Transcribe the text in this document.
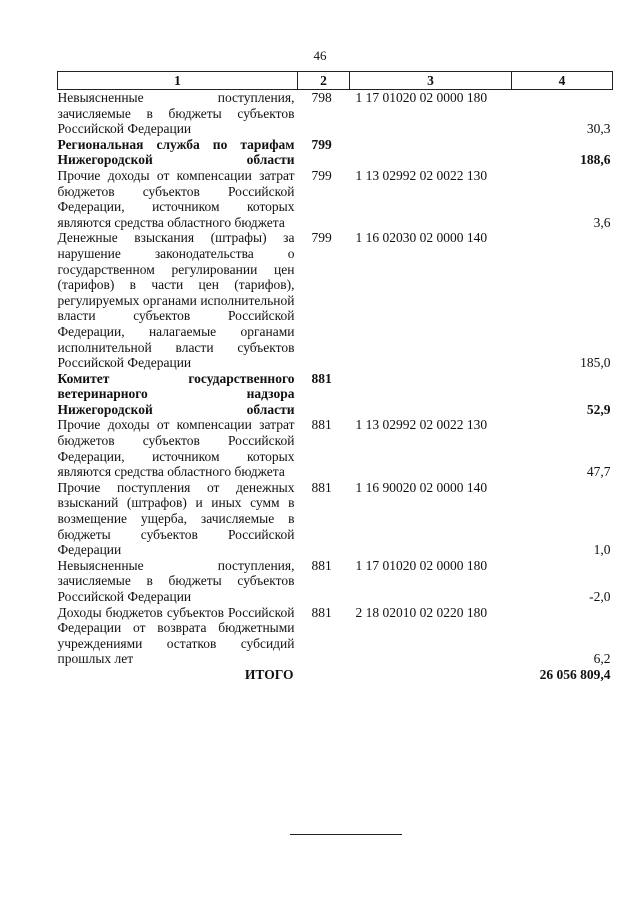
46
1	2	3	4
Невыясненные поступления, зачисляемые в бюджеты субъектов Российской Федерации	798	1 17 01020 02 0000 180	30,3
Региональная служба по тарифам Нижегородской области	799		188,6
Прочие доходы от компенсации затрат бюджетов субъектов Российской Федерации, источником которых являются средства областного бюджета	799	1 13 02992 02 0022 130	3,6
Денежные взыскания (штрафы) за нарушение законодательства о государственном регулировании цен (тарифов) в части цен (тарифов), регулируемых органами исполнительной власти субъектов Российской Федерации, налагаемые органами исполнительной власти субъектов Российской Федерации	799	1 16 02030 02 0000 140	185,0
Комитет государственного ветеринарного надзора Нижегородской области	881		52,9
Прочие доходы от компенсации затрат бюджетов субъектов Российской Федерации, источником которых являются средства областного бюджета	881	1 13 02992 02 0022 130	47,7
Прочие поступления от денежных взысканий (штрафов) и иных сумм в возмещение ущерба, зачисляемые в бюджеты субъектов Российской Федерации	881	1 16 90020 02 0000 140	1,0
Невыясненные поступления, зачисляемые в бюджеты субъектов Российской Федерации	881	1 17 01020 02 0000 180	-2,0
Доходы бюджетов субъектов Российской Федерации от возврата бюджетными учреждениями остатков субсидий прошлых лет	881	2 18 02010 02 0220 180	6,2
ИТОГО			26 056 809,4
